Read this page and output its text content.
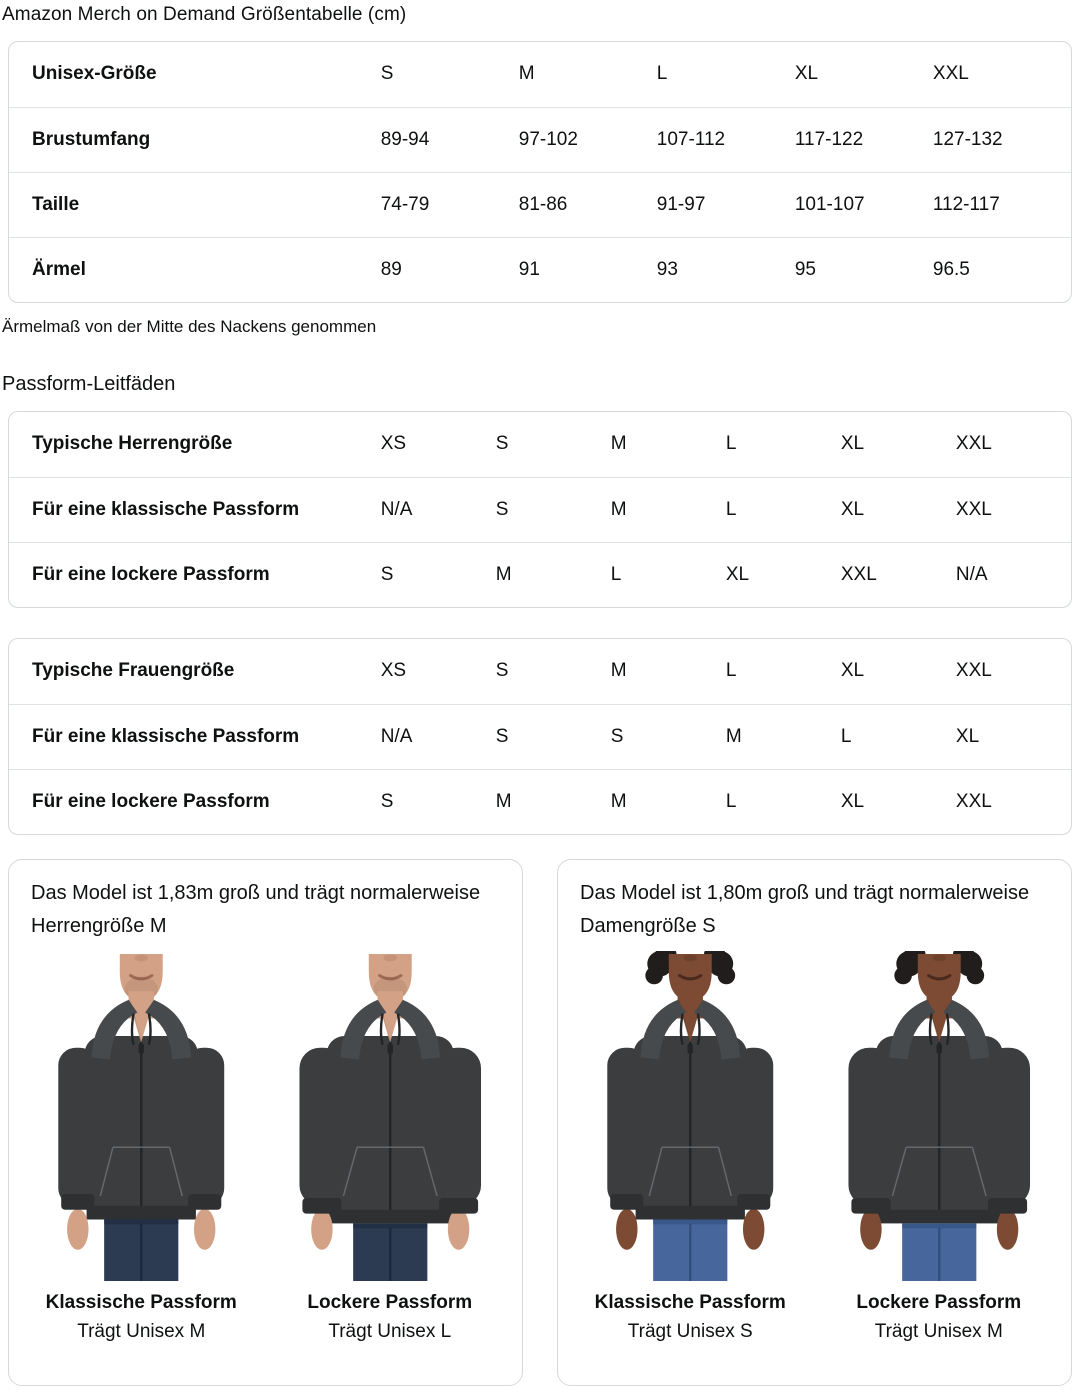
Amazon Merch on Demand Größentabelle (cm)
Unisex-Größe	S	M	L	XL	XXL
Brustumfang	89-94	97-102	107-112	117-122	127-132
Taille	74-79	81-86	91-97	101-107	112-117
Ärmel	89	91	93	95	96.5

Ärmelmaß von der Mitte des Nackens genommen

Passform-Leitfäden
Typische Herrengröße	XS	S	M	L	XL	XXL
Für eine klassische Passform	N/A	S	M	L	XL	XXL
Für eine lockere Passform	S	M	L	XL	XXL	N/A
Typische Frauengröße	XS	S	M	L	XL	XXL
Für eine klassische Passform	N/A	S	S	M	L	XL
Für eine lockere Passform	S	M	M	L	XL	XXL

Das Model ist 1,83m groß und trägt normalerweise Herrengröße M

Klassische Passform
Trägt Unisex M
Lockere Passform
Trägt Unisex L

Das Model ist 1,80m groß und trägt normalerweise Damengröße S

Klassische Passform
Trägt Unisex S
Lockere Passform
Trägt Unisex M
